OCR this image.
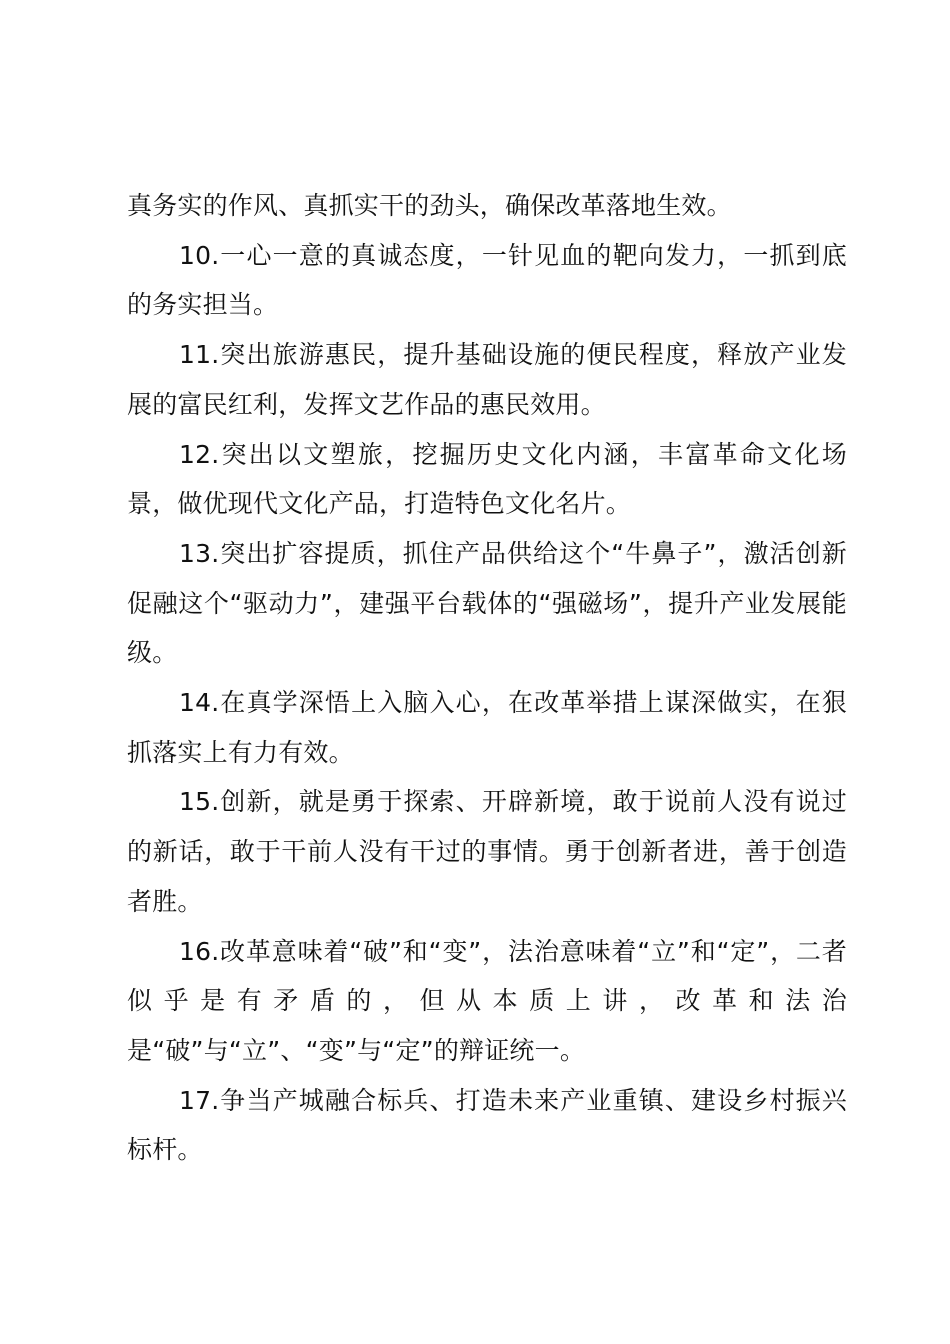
真务实的作风、真抓实干的劲头，确保改革落地生效。

10.一心一意的真诚态度，一针见血的靶向发力，一抓到底的务实担当。

11.突出旅游惠民，提升基础设施的便民程度，释放产业发展的富民红利，发挥文艺作品的惠民效用。

12.突出以文塑旅，挖掘历史文化内涵，丰富革命文化场景，做优现代文化产品，打造特色文化名片。

13.突出扩容提质，抓住产品供给这个“牛鼻子”，激活创新促融这个“驱动力”，建强平台载体的“强磁场”，提升产业发展能级。

14.在真学深悟上入脑入心，在改革举措上谋深做实，在狠抓落实上有力有效。

15.创新，就是勇于探索、开辟新境，敢于说前人没有说过的新话，敢于干前人没有干过的事情。勇于创新者进，善于创造者胜。

16.改革意味着“破”和“变”，法治意味着“立”和“定”，二者似乎是有矛盾的，但从本质上讲，改革和法治是“破”与“立”、“变”与“定”的辩证统一。

17.争当产城融合标兵、打造未来产业重镇、建设乡村振兴标杆。
